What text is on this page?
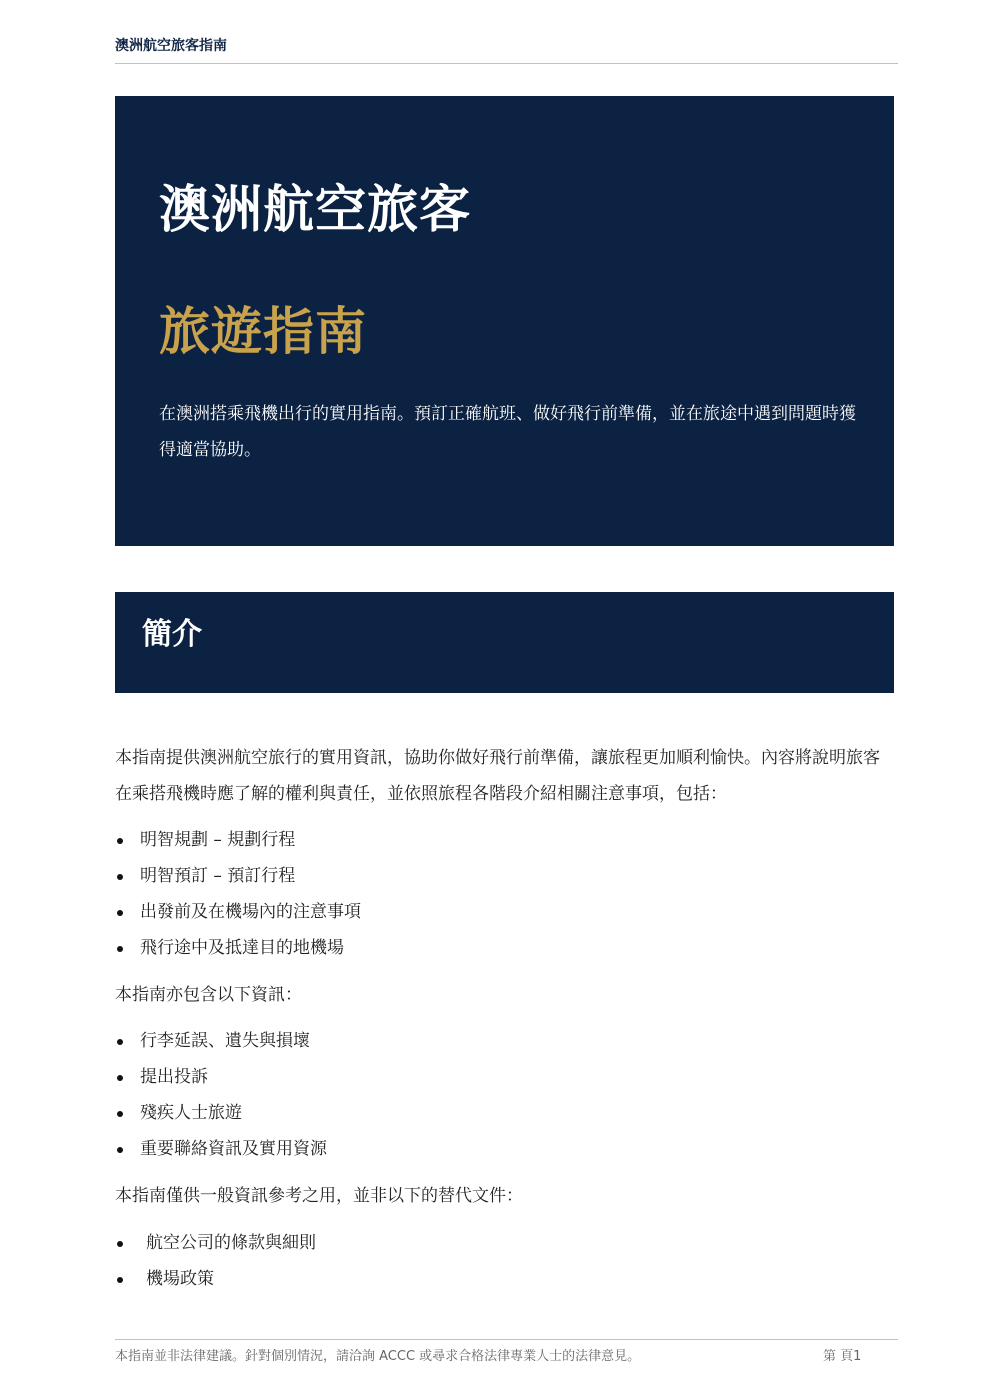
澳洲航空旅客指南
澳洲航空旅客
旅遊指南
在澳洲搭乘飛機出行的實用指南。預訂正確航班、做好飛行前準備，並在旅途中遇到問題時獲得適當協助。
簡介

本指南提供澳洲航空旅行的實用資訊，協助你做好飛行前準備，讓旅程更加順利愉快。內容將說明旅客在乘搭飛機時應了解的權利與責任，並依照旅程各階段介紹相關注意事項，包括：

明智規劃 – 規劃行程
明智預訂 – 預訂行程
出發前及在機場內的注意事項
飛行途中及抵達目的地機場

本指南亦包含以下資訊：

行李延誤、遺失與損壞
提出投訴
殘疾人士旅遊
重要聯絡資訊及實用資源

本指南僅供一般資訊參考之用，並非以下的替代文件：

航空公司的條款與細則
機場政策
本指南並非法律建議。針對個別情況，請洽詢 ACCC 或尋求合格法律專業人士的法律意見。	第 頁1
